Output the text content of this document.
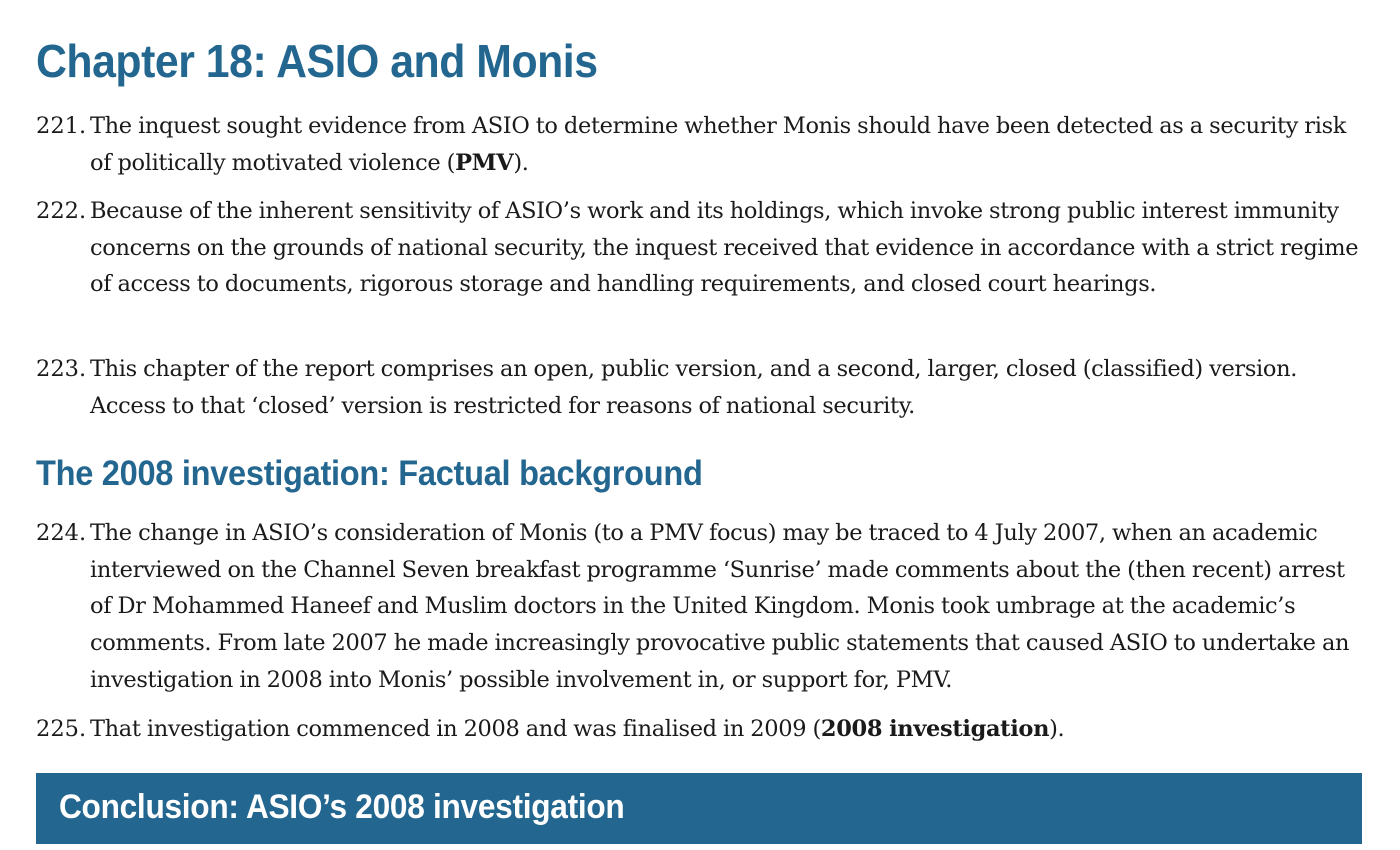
Chapter 18: ASIO and Monis
221. The inquest sought evidence from ASIO to determine whether Monis should have been detected as a security risk of politically motivated violence (PMV).
222. Because of the inherent sensitivity of ASIO’s work and its holdings, which invoke strong public interest immunity concerns on the grounds of national security, the inquest received that evidence in accordance with a strict regime of access to documents, rigorous storage and handling requirements, and closed court hearings.
223. This chapter of the report comprises an open, public version, and a second, larger, closed (classified) version. Access to that ‘closed’ version is restricted for reasons of national security.
The 2008 investigation: Factual background
224. The change in ASIO’s consideration of Monis (to a PMV focus) may be traced to 4 July 2007, when an academic interviewed on the Channel Seven breakfast programme ‘Sunrise’ made comments about the (then recent) arrest of Dr Mohammed Haneef and Muslim doctors in the United Kingdom. Monis took umbrage at the academic’s comments. From late 2007 he made increasingly provocative public statements that caused ASIO to undertake an investigation in 2008 into Monis’ possible involvement in, or support for, PMV.
225. That investigation commenced in 2008 and was finalised in 2009 (2008 investigation).
Conclusion: ASIO’s 2008 investigation
